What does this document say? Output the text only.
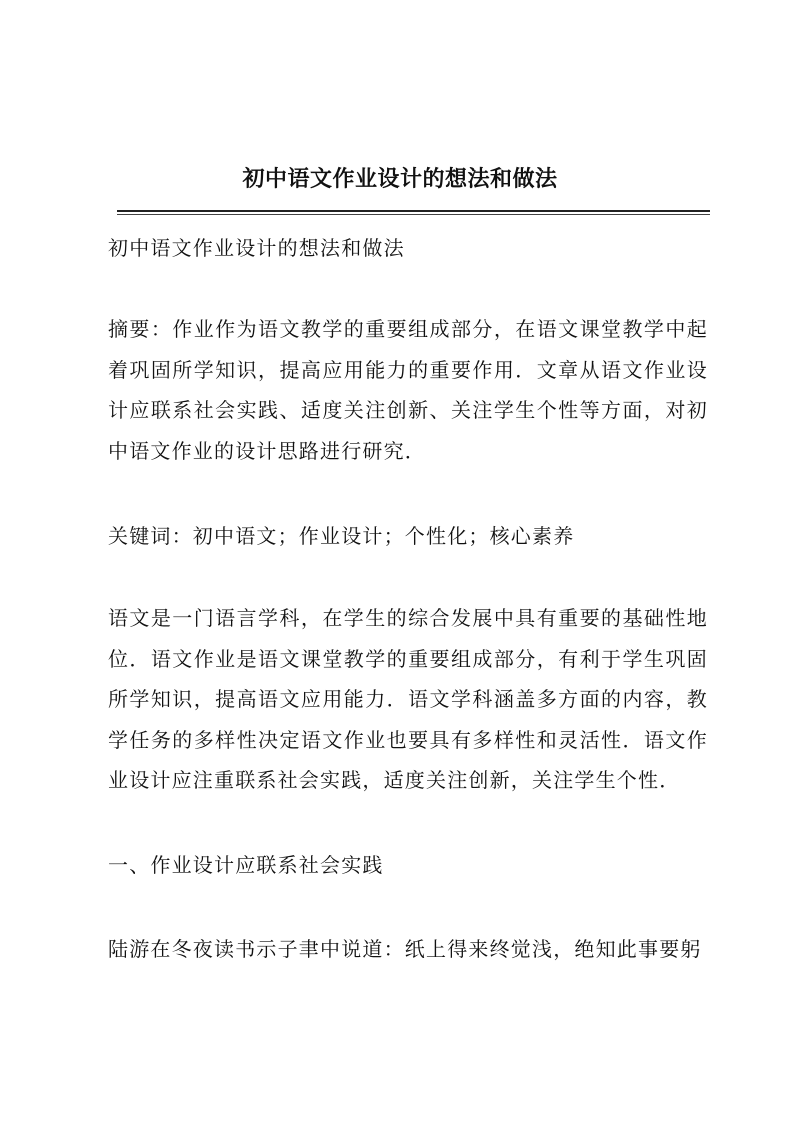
初中语文作业设计的想法和做法

初中语文作业设计的想法和做法

摘要：作业作为语文教学的重要组成部分，在语文课堂教学中起着巩固所学知识，提高应用能力的重要作用．文章从语文作业设计应联系社会实践、适度关注创新、关注学生个性等方面，对初中语文作业的设计思路进行研究．

关键词：初中语文；作业设计；个性化；核心素养

语文是一门语言学科，在学生的综合发展中具有重要的基础性地位．语文作业是语文课堂教学的重要组成部分，有利于学生巩固所学知识，提高语文应用能力．语文学科涵盖多方面的内容，教学任务的多样性决定语文作业也要具有多样性和灵活性．语文作业设计应注重联系社会实践，适度关注创新，关注学生个性．

一、作业设计应联系社会实践

陆游在冬夜读书示子聿中说道：纸上得来终觉浅，绝知此事要躬
